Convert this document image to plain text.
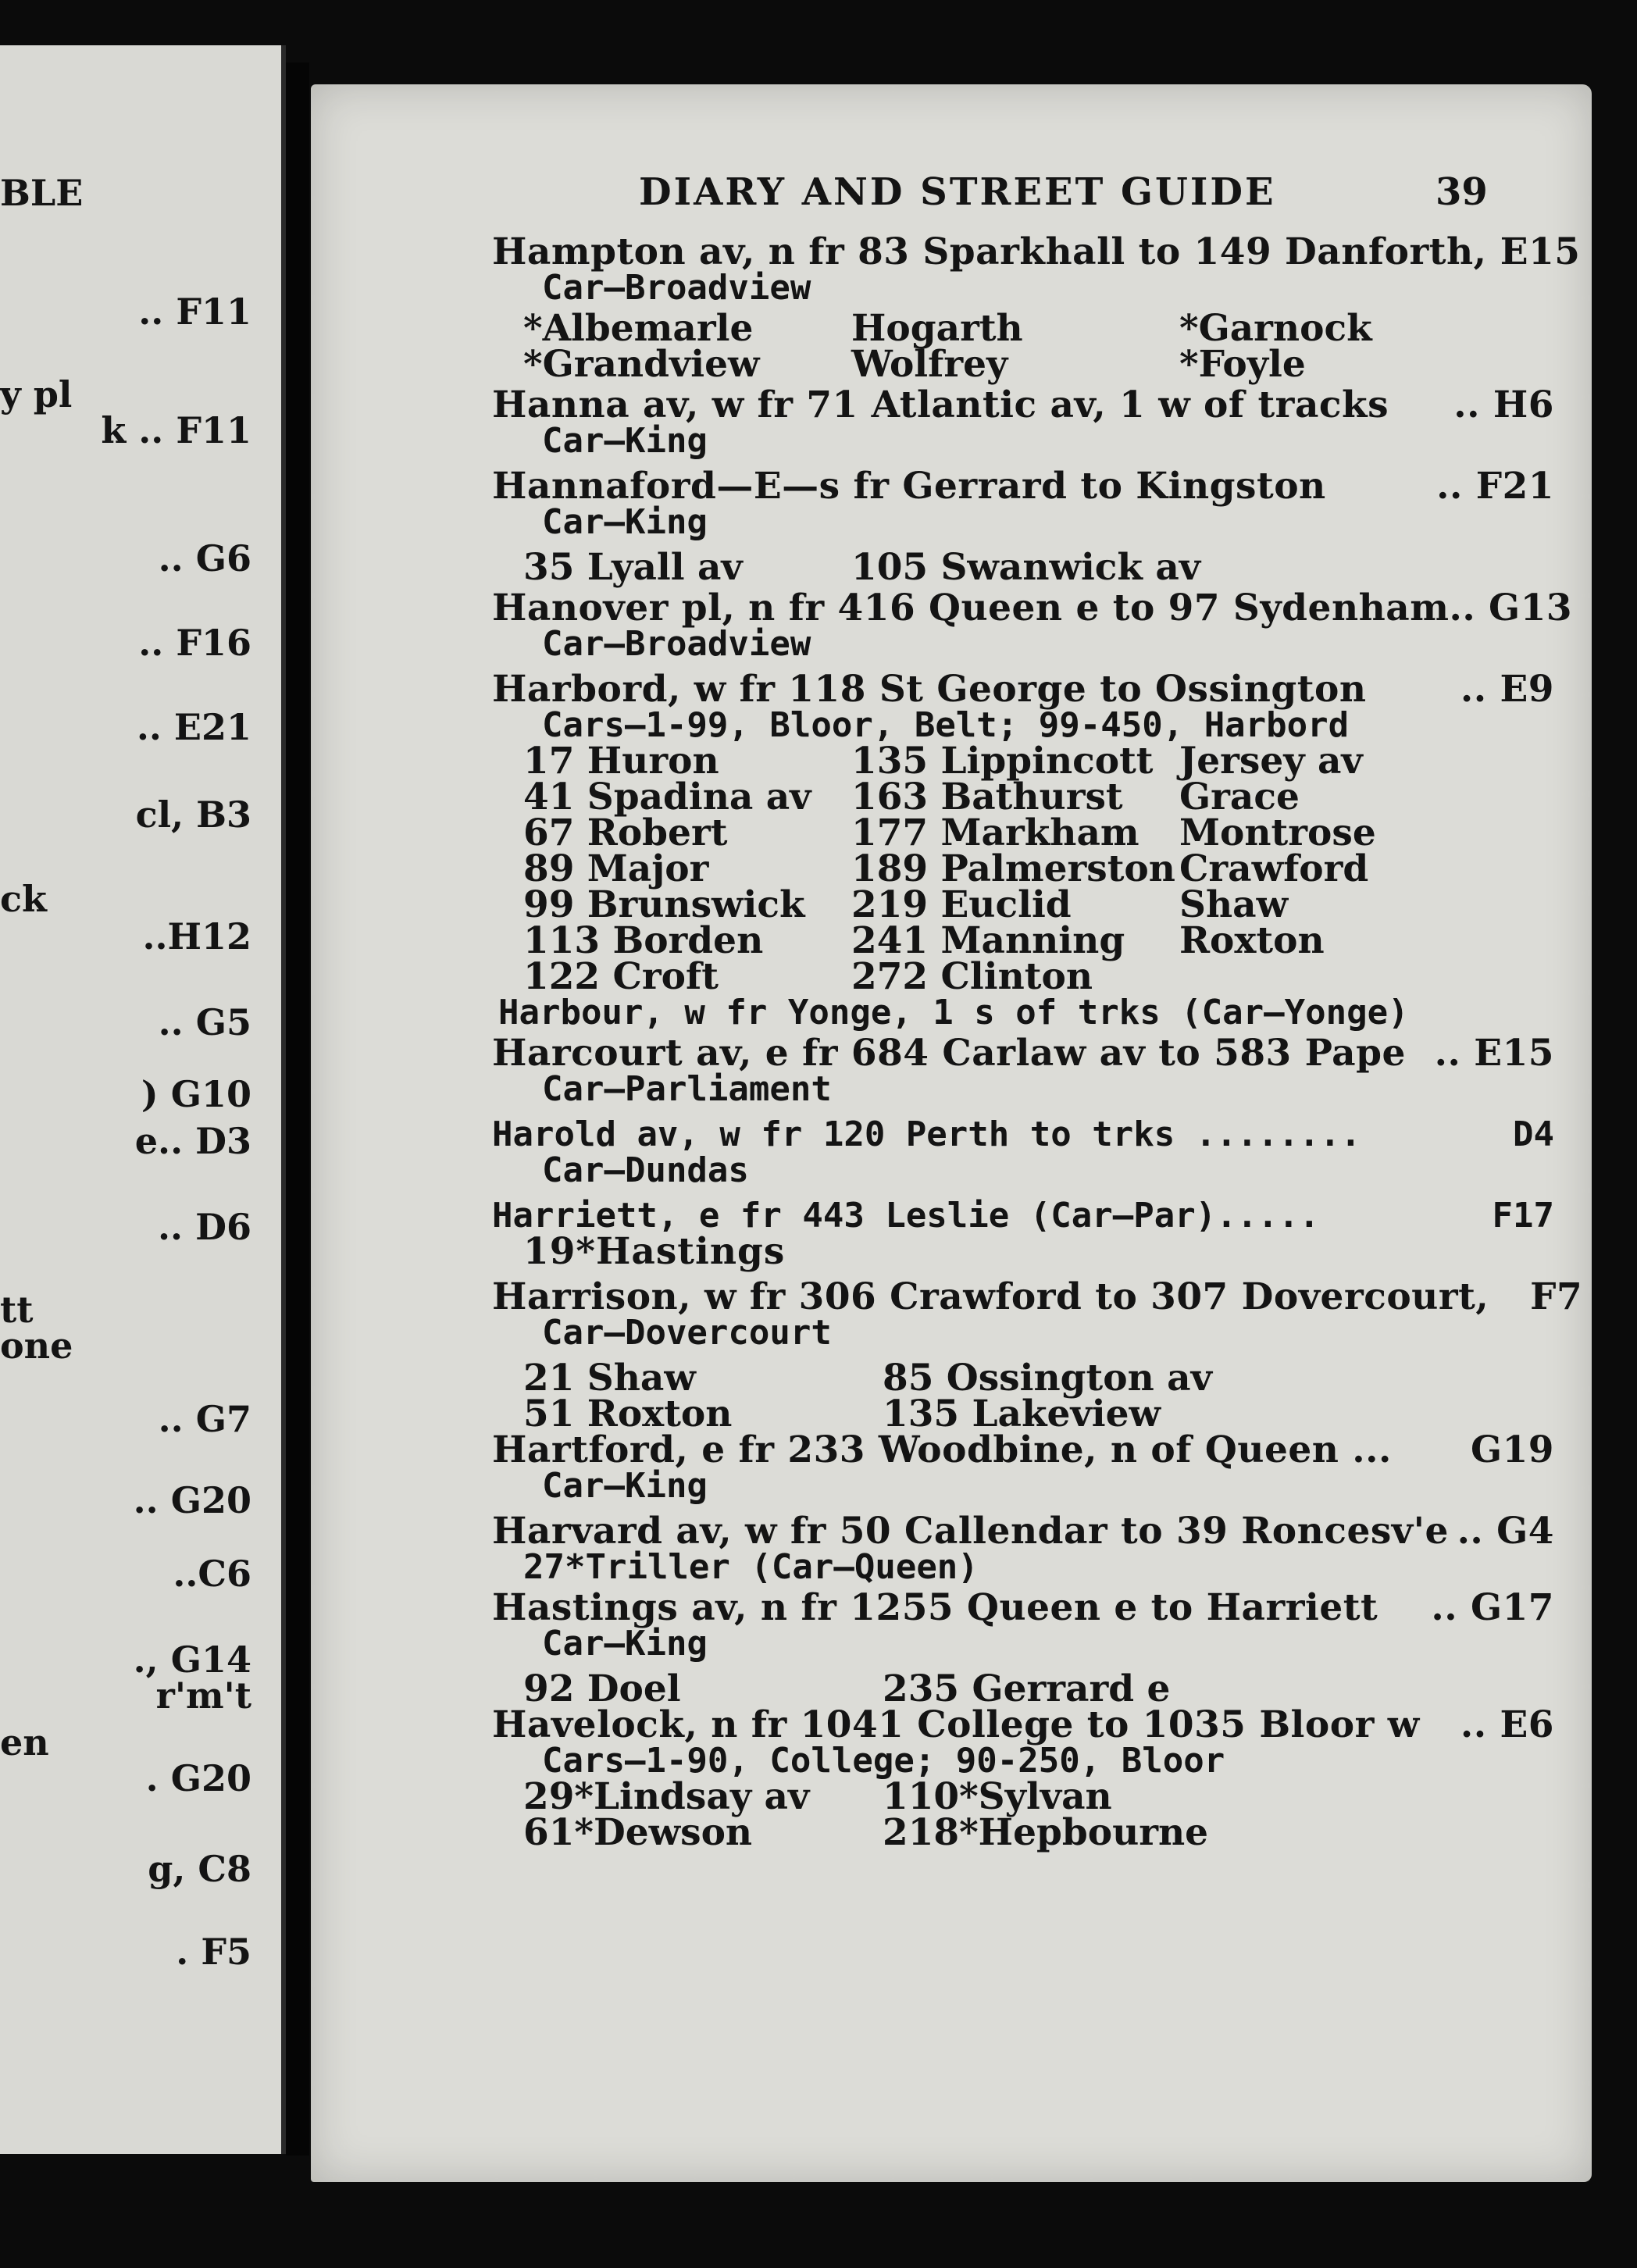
BLE
.. F11
y pl
k .. F11
.. G6
.. F16
.. E21
cl, B3
ck
..H12
.. G5
) G10
e.. D3
.. D6
tt
one
.. G7
.. G20
..C6
., G14
r'm't
en
. G20
g, C8
. F5
DIARY AND STREET GUIDE	39
Hampton av, n fr 83 Sparkhall to 149 Danforth, E15
Car—Broadview
*Albemarle	Hogarth	*Garnock
*Grandview	Wolfrey	*Foyle
Hanna av, w fr 71 Atlantic av, 1 w of tracks .. H6
Car—King
Hannaford—E—s fr Gerrard to Kingston	.. F21
Car—King
35 Lyall av	105 Swanwick av
Hanover pl, n fr 416 Queen e to 97 Sydenham .. G13
Car—Broadview
Harbord, w fr 118 St George to Ossington	.. E9
Cars—1-99, Bloor, Belt; 99-450, Harbord
17 Huron	135 Lippincott Jersey av
41 Spadina av	163 Bathurst	Grace
67 Robert	177 Markham	Montrose
89 Major	189 Palmerston Crawford
99 Brunswick	219 Euclid	Shaw
113 Borden	241 Manning	Roxton
122 Croft	272 Clinton
Harbour, w fr Yonge, 1 s of trks (Car—Yonge)
Harcourt av, e fr 684 Carlaw av to 583 Pape .. E15
Car—Parliament
Harold av, w fr 120 Perth to trks ........	D4
Car—Dundas
Harriett, e fr 443 Leslie (Car—Par).....	F17
19*Hastings
Harrison, w fr 306 Crawford to 307 Dovercourt,	F7
Car—Dovercourt
21 Shaw	85 Ossington av
51 Roxton	135 Lakeview
Hartford, e fr 233 Woodbine, n of Queen ... G19
Car—King
Harvard av, w fr 50 Callendar to 39 Roncesv'e .. G4
27*Triller (Car—Queen)
Hastings av, n fr 1255 Queen e to Harriett .. G17
Car—King
92 Doel	235 Gerrard e
Havelock, n fr 1041 College to 1035 Bloor w .. E6
Cars—1-90, College; 90-250, Bloor
29*Lindsay av	110*Sylvan
61*Dewson	218*Hepbourne
